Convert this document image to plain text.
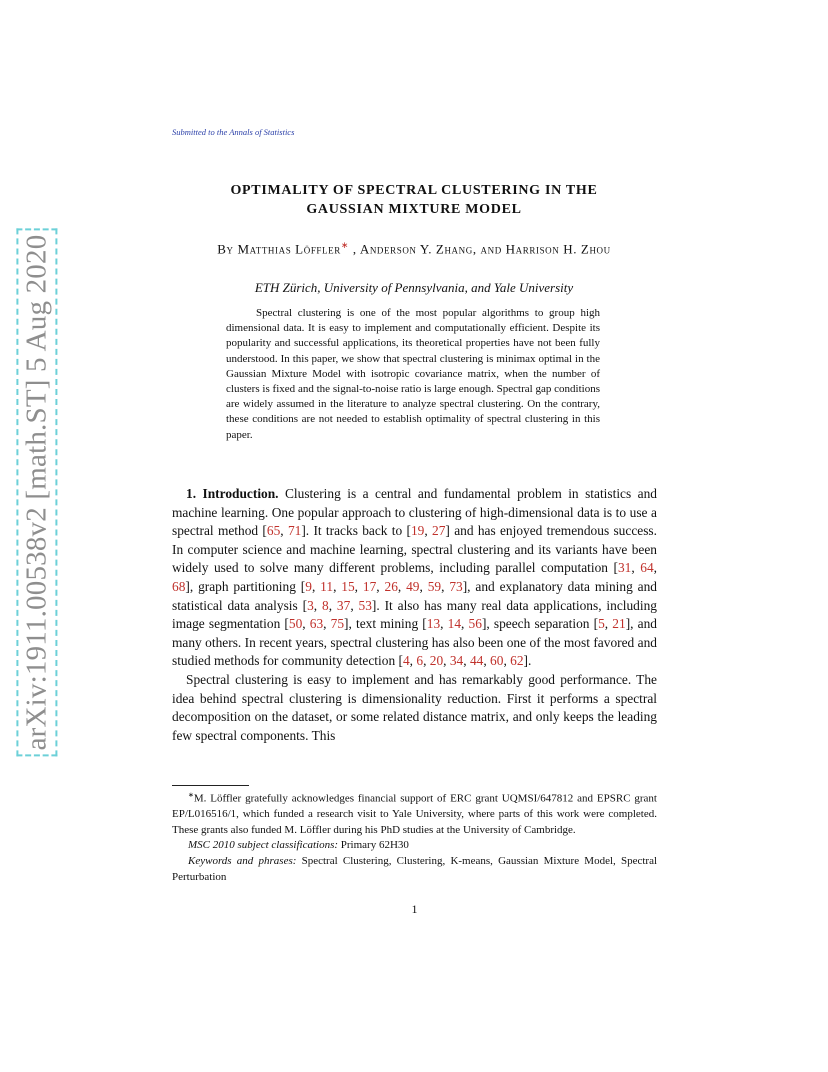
arXiv:1911.00538v2 [math.ST] 5 Aug 2020
Submitted to the Annals of Statistics
OPTIMALITY OF SPECTRAL CLUSTERING IN THE
GAUSSIAN MIXTURE MODEL
By Matthias Löffler∗ , Anderson Y. Zhang, and Harrison H. Zhou
ETH Zürich, University of Pennsylvania, and Yale University
Spectral clustering is one of the most popular algorithms to group high dimensional data. It is easy to implement and computationally efficient. Despite its popularity and successful applications, its theoretical properties have not been fully understood. In this paper, we show that spectral clustering is minimax optimal in the Gaussian Mixture Model with isotropic covariance matrix, when the number of clusters is fixed and the signal-to-noise ratio is large enough. Spectral gap conditions are widely assumed in the literature to analyze spectral clustering. On the contrary, these conditions are not needed to establish optimality of spectral clustering in this paper.

1. Introduction. Clustering is a central and fundamental problem in statistics and machine learning. One popular approach to clustering of high-dimensional data is to use a spectral method [65, 71]. It tracks back to [19, 27] and has enjoyed tremendous success. In computer science and machine learning, spectral clustering and its variants have been widely used to solve many different problems, including parallel computation [31, 64, 68], graph partitioning [9, 11, 15, 17, 26, 49, 59, 73], and explanatory data mining and statistical data analysis [3, 8, 37, 53]. It also has many real data applications, including image segmentation [50, 63, 75], text mining [13, 14, 56], speech separation [5, 21], and many others. In recent years, spectral clustering has also been one of the most favored and studied methods for community detection [4, 6, 20, 34, 44, 60, 62].

Spectral clustering is easy to implement and has remarkably good performance. The idea behind spectral clustering is dimensionality reduction. First it performs a spectral decomposition on the dataset, or some related distance matrix, and only keeps the leading few spectral components. This

∗M. Löffler gratefully acknowledges financial support of ERC grant UQMSI/647812 and EPSRC grant EP/L016516/1, which funded a research visit to Yale University, where parts of this work were completed. These grants also funded M. Löffler during his PhD studies at the University of Cambridge.

MSC 2010 subject classifications: Primary 62H30

Keywords and phrases: Spectral Clustering, Clustering, K-means, Gaussian Mixture Model, Spectral Perturbation

1
